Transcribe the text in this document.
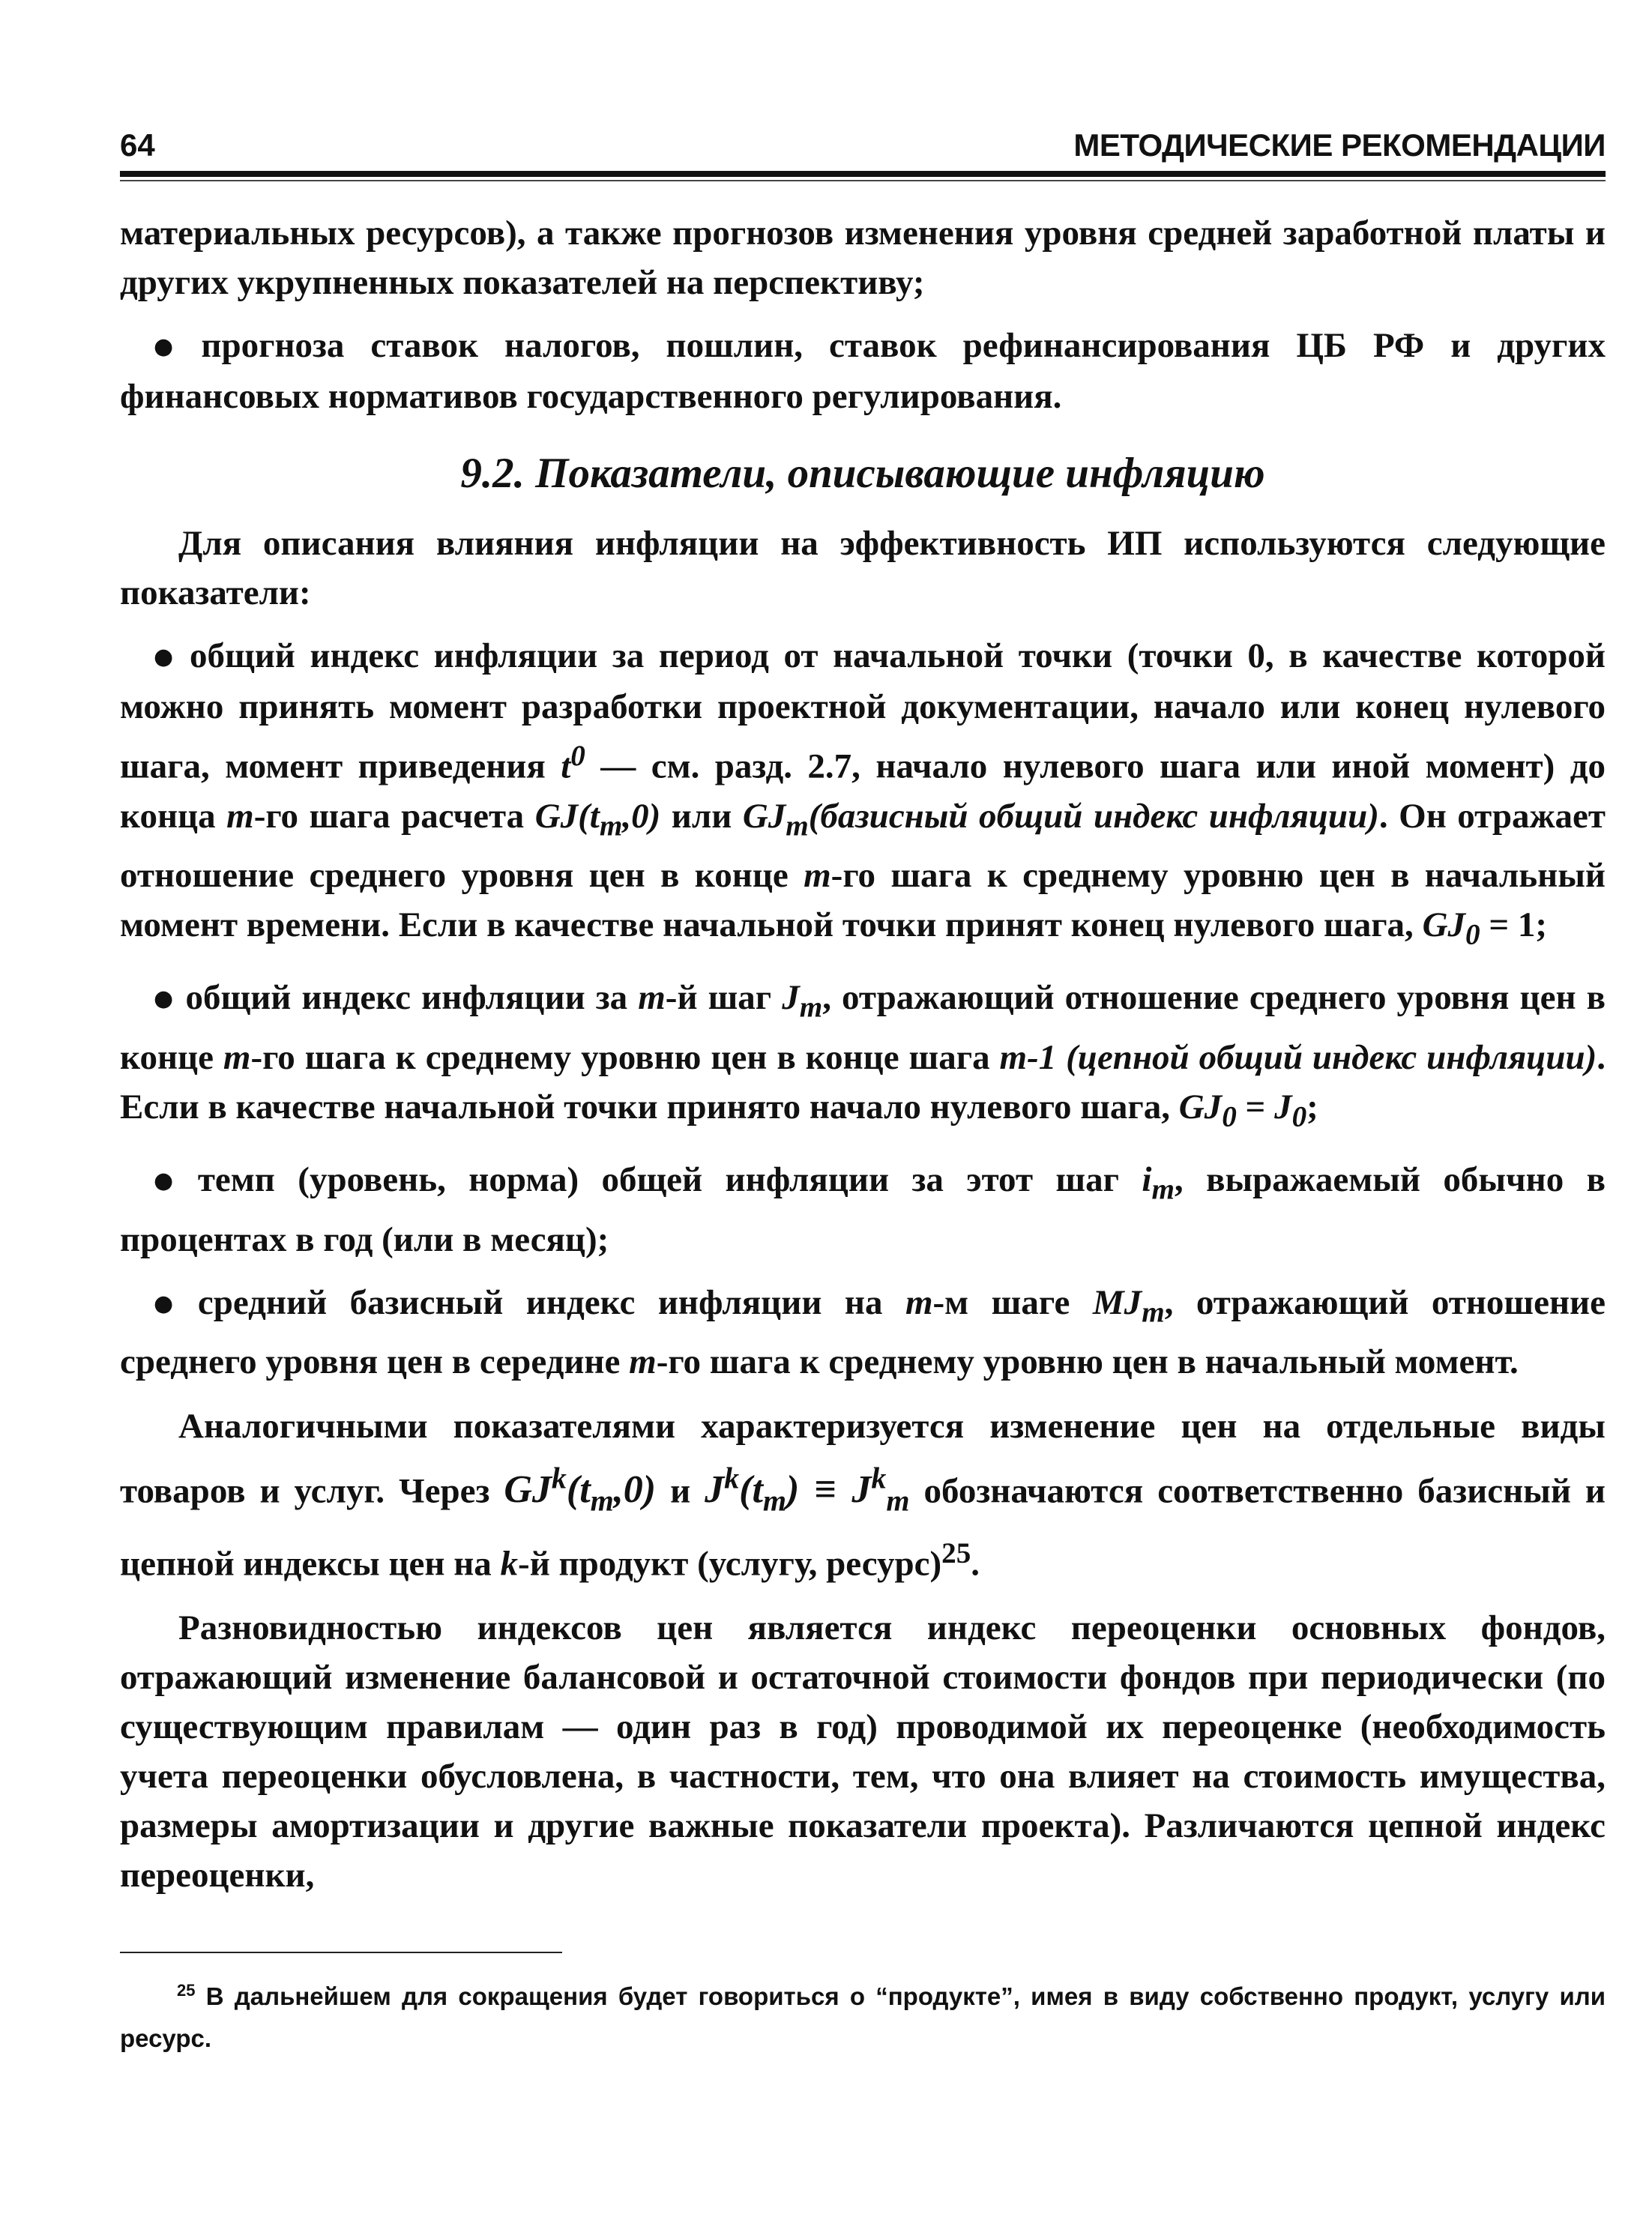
64	МЕТОДИЧЕСКИЕ РЕКОМЕНДАЦИИ

материальных ресурсов), а также прогнозов изменения уровня средней заработной платы и других укрупненных показателей на перспективу;

● прогноза ставок налогов, пошлин, ставок рефинансирования ЦБ РФ и других финансовых нормативов государственного регулирования.

9.2. Показатели, описывающие инфляцию

Для описания влияния инфляции на эффективность ИП используются следующие показатели:

● общий индекс инфляции за период от начальной точки (точки 0, в качестве которой можно принять момент разработки проектной документации, начало или конец нулевого шага, момент приведения $t^0$ — см. разд. 2.7, начало нулевого шага или иной момент) до конца m-го шага расчета $GJ(t_m,0)$ или $GJ_m(базисный$ общий индекс инфляции). Он отражает отношение среднего уровня цен в конце m-го шага к среднему уровню цен в начальный момент времени. Если в качестве начальной точки принят конец нулевого шага, $GJ_0 = 1$;

● общий индекс инфляции за m-й шаг $J_m$, отражающий отношение среднего уровня цен в конце m-го шага к среднему уровню цен в конце шага m-1 (цепной общий индекс инфляции). Если в качестве начальной точки принято начало нулевого шага, $GJ_0 = J_0$;

● темп (уровень, норма) общей инфляции за этот шаг $i_m$, выражаемый обычно в процентах в год (или в месяц);

● средний базисный индекс инфляции на m-м шаге $MJ_m$, отражающий отношение среднего уровня цен в середине m-го шага к среднему уровню цен в начальный момент.

Аналогичными показателями характеризуется изменение цен на отдельные виды товаров и услуг. Через $GJ^k(t_m,0)$ и $J^k(t_m) \equiv J^k_m$ обозначаются соответственно базисный и цепной индексы цен на k-й продукт (услугу, ресурс)$^{25}$.

Разновидностью индексов цен является индекс переоценки основных фондов, отражающий изменение балансовой и остаточной стоимости фондов при периодически (по существующим правилам — один раз в год) проводимой их переоценке (необходимость учета переоценки обусловлена, в частности, тем, что она влияет на стоимость имущества, размеры амортизации и другие важные показатели проекта). Различаются цепной индекс переоценки,

$^{25}$ В дальнейшем для сокращения будет говориться о “продукте”, имея в виду собственно продукт, услугу или ресурс.
